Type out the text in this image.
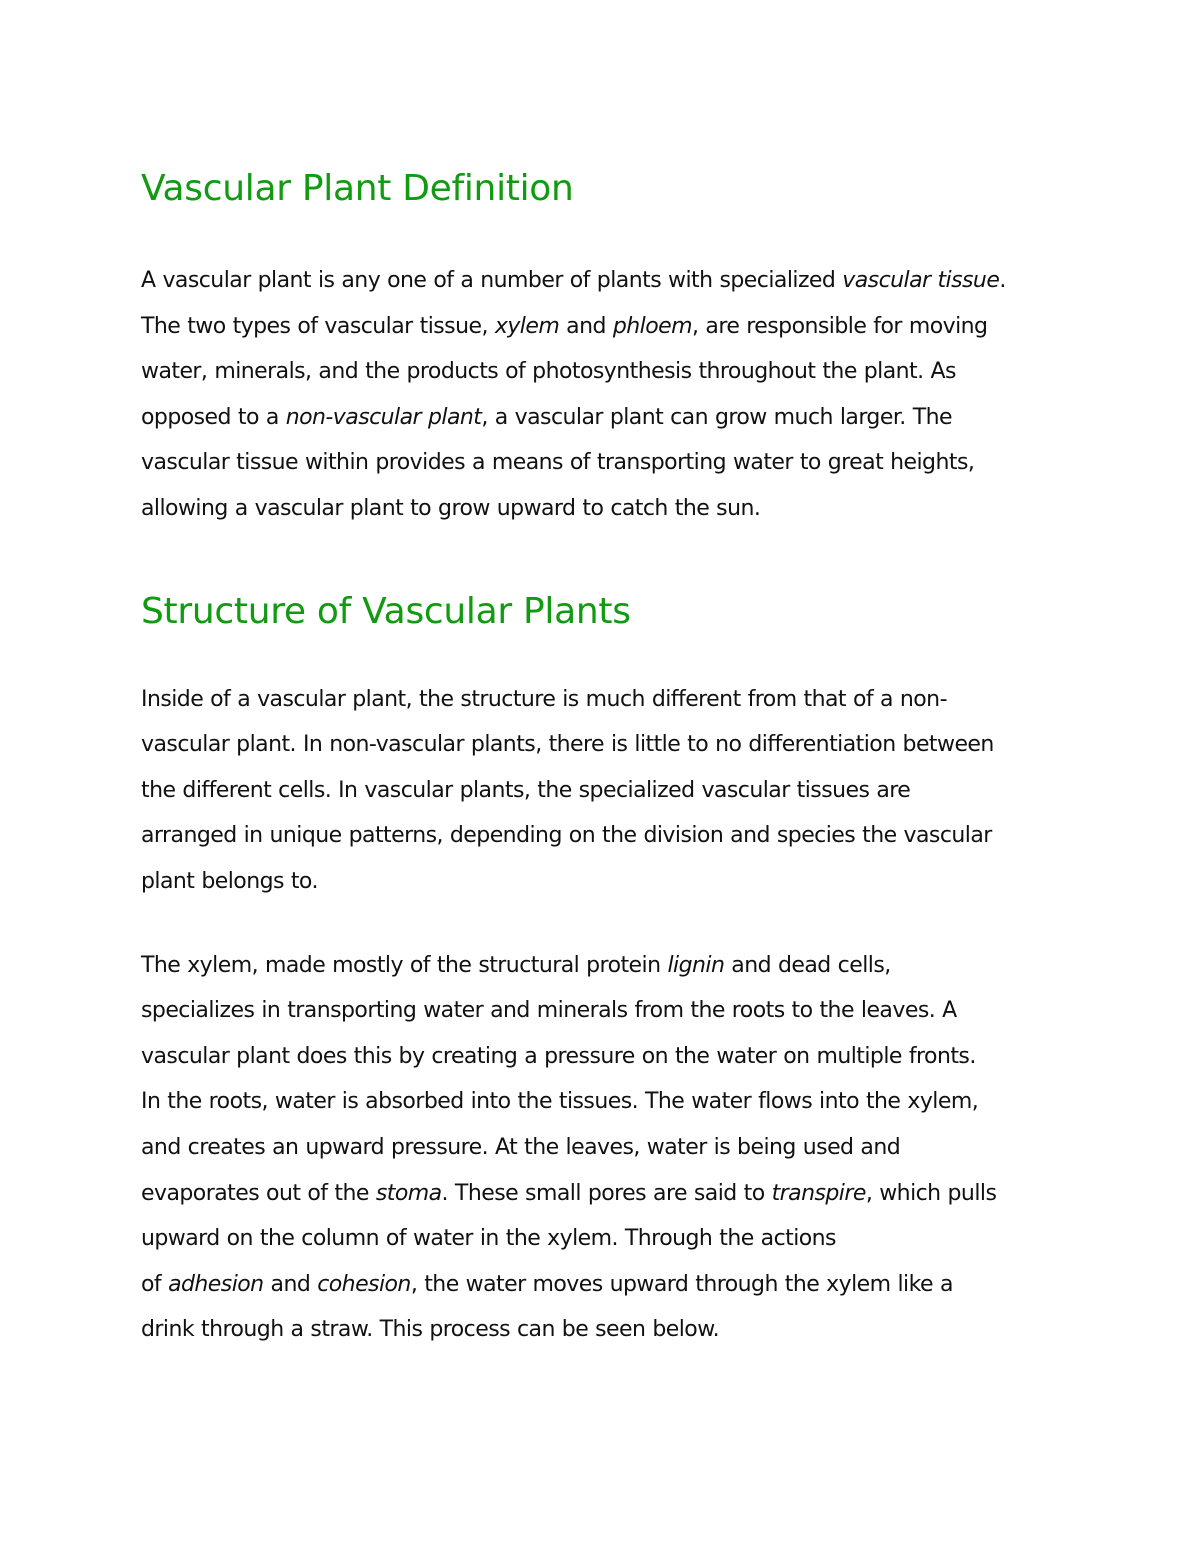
Vascular Plant Definition
A vascular plant is any one of a number of plants with specialized vascular tissue.
The two types of vascular tissue, xylem and phloem, are responsible for moving
water, minerals, and the products of photosynthesis throughout the plant. As
opposed to a non-vascular plant, a vascular plant can grow much larger. The
vascular tissue within provides a means of transporting water to great heights,
allowing a vascular plant to grow upward to catch the sun.
Structure of Vascular Plants
Inside of a vascular plant, the structure is much different from that of a non-
vascular plant. In non-vascular plants, there is little to no differentiation between
the different cells. In vascular plants, the specialized vascular tissues are
arranged in unique patterns, depending on the division and species the vascular
plant belongs to.
The xylem, made mostly of the structural protein lignin and dead cells,
specializes in transporting water and minerals from the roots to the leaves. A
vascular plant does this by creating a pressure on the water on multiple fronts.
In the roots, water is absorbed into the tissues. The water flows into the xylem,
and creates an upward pressure. At the leaves, water is being used and
evaporates out of the stoma. These small pores are said to transpire, which pulls
upward on the column of water in the xylem. Through the actions
of adhesion and cohesion, the water moves upward through the xylem like a
drink through a straw. This process can be seen below.
